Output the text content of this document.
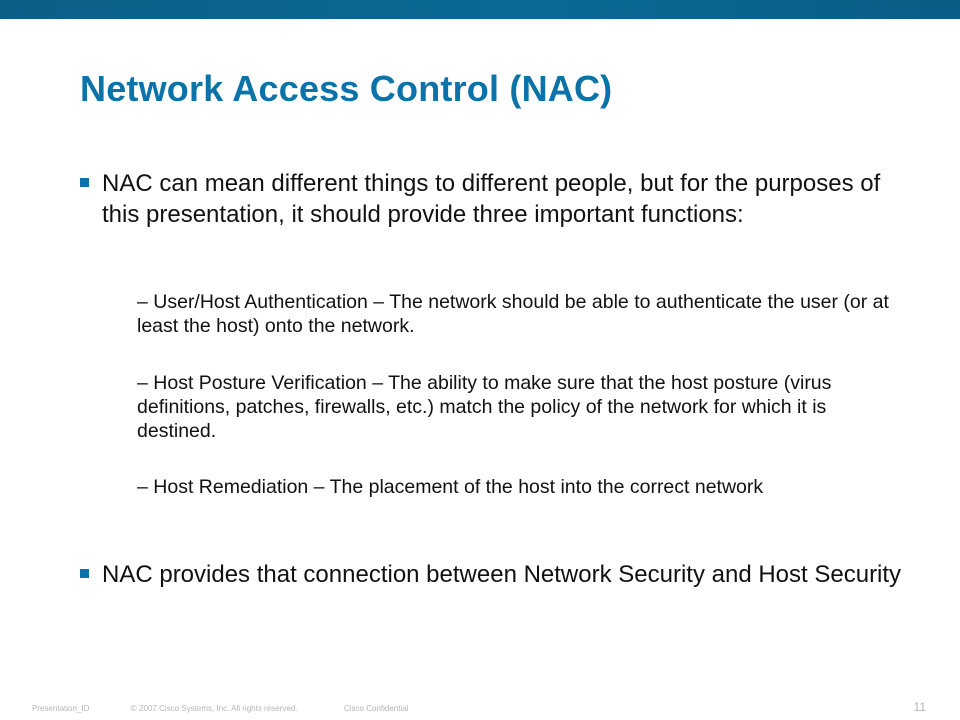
Network Access Control (NAC)
NAC can mean different things to different people, but for the purposes of this presentation, it should provide three important functions:
– User/Host Authentication – The network should be able to authenticate the user (or at least the host) onto the network.
– Host Posture Verification – The ability to make sure that the host posture (virus definitions, patches, firewalls, etc.) match the policy of the network for which it is destined.
– Host Remediation – The placement of the host into the correct network
NAC provides that connection between Network Security and Host Security
Presentation_ID	© 2007 Cisco Systems, Inc. All rights reserved.	Cisco Confidential	11
